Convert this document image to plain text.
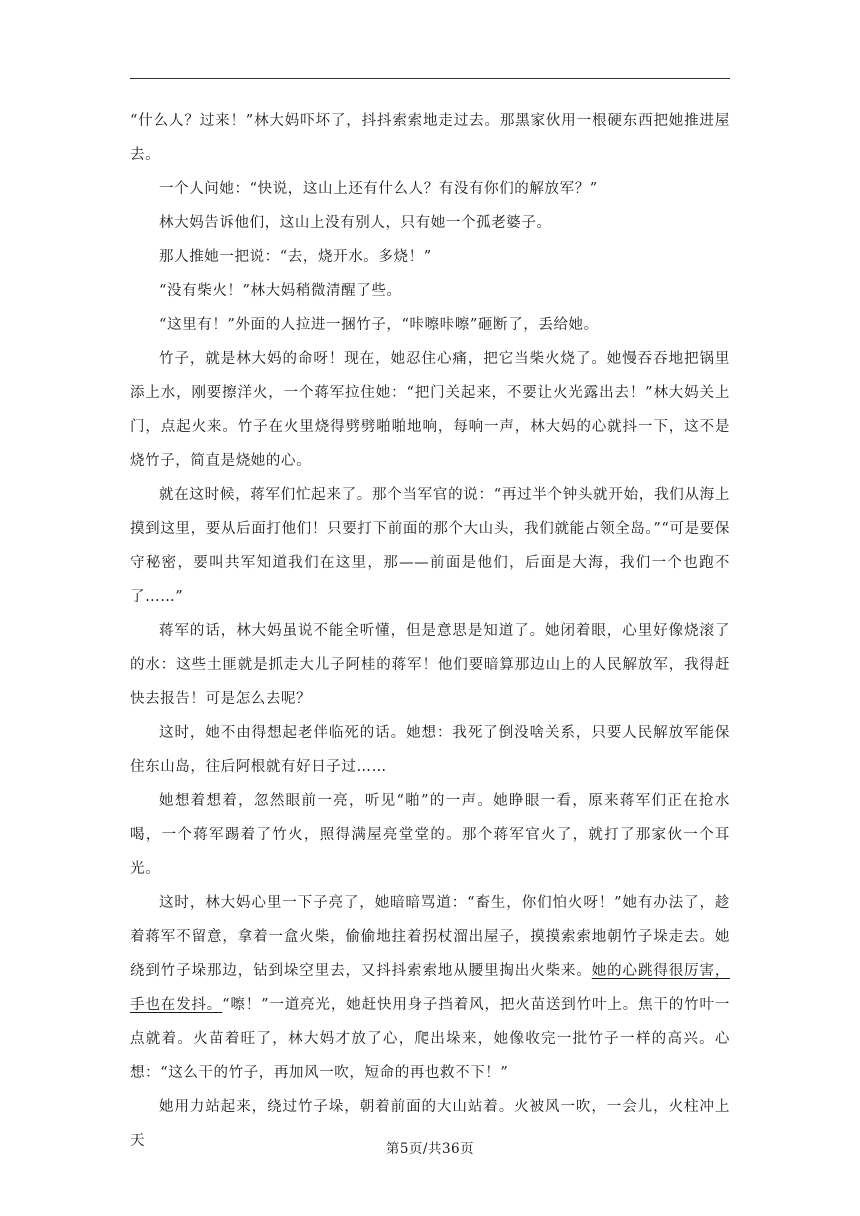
“什么人？过来！”林大妈吓坏了，抖抖索索地走过去。那黑家伙用一根硬东西把她推进屋去。

一个人问她：“快说，这山上还有什么人？有没有你们的解放军？”

林大妈告诉他们，这山上没有别人，只有她一个孤老婆子。

那人推她一把说：“去，烧开水。多烧！”

“没有柴火！”林大妈稍微清醒了些。

“这里有！”外面的人拉进一捆竹子，“咔嚓咔嚓”砸断了，丢给她。

竹子，就是林大妈的命呀！现在，她忍住心痛，把它当柴火烧了。她慢吞吞地把锅里添上水，刚要擦洋火，一个蒋军拉住她：“把门关起来，不要让火光露出去！”林大妈关上门，点起火来。竹子在火里烧得劈劈啪啪地响，每响一声，林大妈的心就抖一下，这不是烧竹子，简直是烧她的心。

就在这时候，蒋军们忙起来了。那个当军官的说：“再过半个钟头就开始，我们从海上摸到这里，要从后面打他们！只要打下前面的那个大山头，我们就能占领全岛。”“可是要保守秘密，要叫共军知道我们在这里，那——前面是他们，后面是大海，我们一个也跑不了……”

蒋军的话，林大妈虽说不能全听懂，但是意思是知道了。她闭着眼，心里好像烧滚了的水：这些土匪就是抓走大儿子阿桂的蒋军！他们要暗算那边山上的人民解放军，我得赶快去报告！可是怎么去呢？

这时，她不由得想起老伴临死的话。她想：我死了倒没啥关系，只要人民解放军能保住东山岛，往后阿根就有好日子过……

她想着想着，忽然眼前一亮，听见“啪”的一声。她睁眼一看，原来蒋军们正在抢水喝，一个蒋军踢着了竹火，照得满屋亮堂堂的。那个蒋军官火了，就打了那家伙一个耳光。

这时，林大妈心里一下子亮了，她暗暗骂道：“畜生，你们怕火呀！”她有办法了，趁着蒋军不留意，拿着一盒火柴，偷偷地拄着拐杖溜出屋子，摸摸索索地朝竹子垛走去。她绕到竹子垛那边，钻到垛空里去，又抖抖索索地从腰里掏出火柴来。她的心跳得很厉害，手也在发抖。“嚓！”一道亮光，她赶快用身子挡着风，把火苗送到竹叶上。焦干的竹叶一点就着。火苗着旺了，林大妈才放了心，爬出垛来，她像收完一批竹子一样的高兴。心想：“这么干的竹子，再加风一吹，短命的再也救不下！”

她用力站起来，绕过竹子垛，朝着前面的大山站着。火被风一吹，一会儿，火柱冲上天	第5页/共36页
